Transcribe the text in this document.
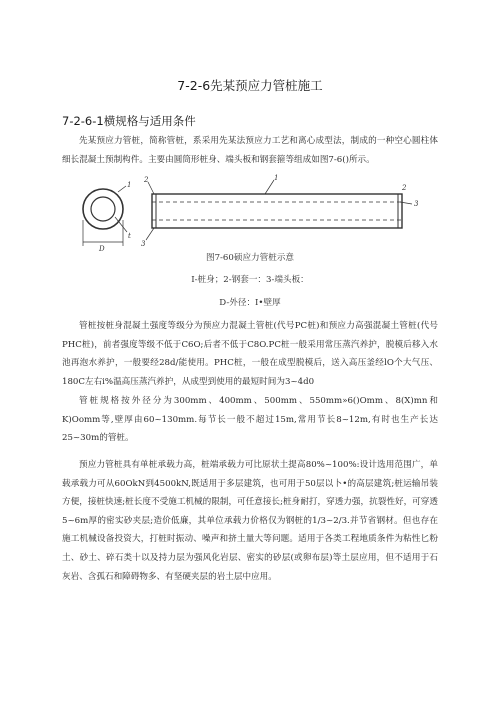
7-2-6先某预应力管桩施工
7-2-6-1横规格与适用条件

先某预应力管桩，简称管桩，系采用先某法预应力工艺和离心成型法，制成的一种空心圆柱体细长混凝土预制构件。主要由圆筒形桩身、端头板和钢套箍等组成如图7-6()所示。

1
D
t
2	1
2
3
3
图7-60硕应力管桩示意
I-桩身；2-钢套一：3-端头板：
D-外径：I•壁厚

管桩按桩身混凝土强度等级分为预应力混凝土管桩(代号PC桩)和预应力高强混凝土管桩(代号PHC桩)，前者强度等级不低于C6O;后者不低于C8O.PC桩一般采用常压蒸汽养护，脱模后移入水池再泡水养护，一般要经28d/能使用。PHC桩，一般在成型脱模后，送入高压釜经lO个大气压、180C左右i%温高压蒸汽养护，从成型到使用的最短时间为3~4d0

管桩规格按外径分为300mm、400mm、500mm、550mm»6()Omm、8(X)mn和K)Oomm等,壁厚由60~130mm.每节长一般不超过15m,常用节长8~12m,有时也生产长达25~30m的管桩。

预应力管桩具有单桩承载力高，桩端承载力可比原状土提高80%~100%:设计选用范围广，单载承载力可从60OkN到4500kN,既适用于多层建筑，也可用于50层以卜•的高层建筑;桩运输吊装方便，接桩快速;桩长度不受施工机械的限制，可任意接长;桩身耐打，穿透力强，抗裂性好，可穿透5~6m厚的密实砂夹层;造价低廉，其单位承载力价格仅为钢桩的1/3~2/3.并节省钢材。但也存在施工机械设备投资大，打桩时振动、噪声和挤土量大等问题。适用于各类工程地质条件为粘性匕粉土、砂土、碎石类十以及持力层为强风化岩层、密实的砂层(或卵布层)等土层应用，但不适用于石灰岩、含孤石和障碍物多、有坚硬夹层的岩土层中应用。
